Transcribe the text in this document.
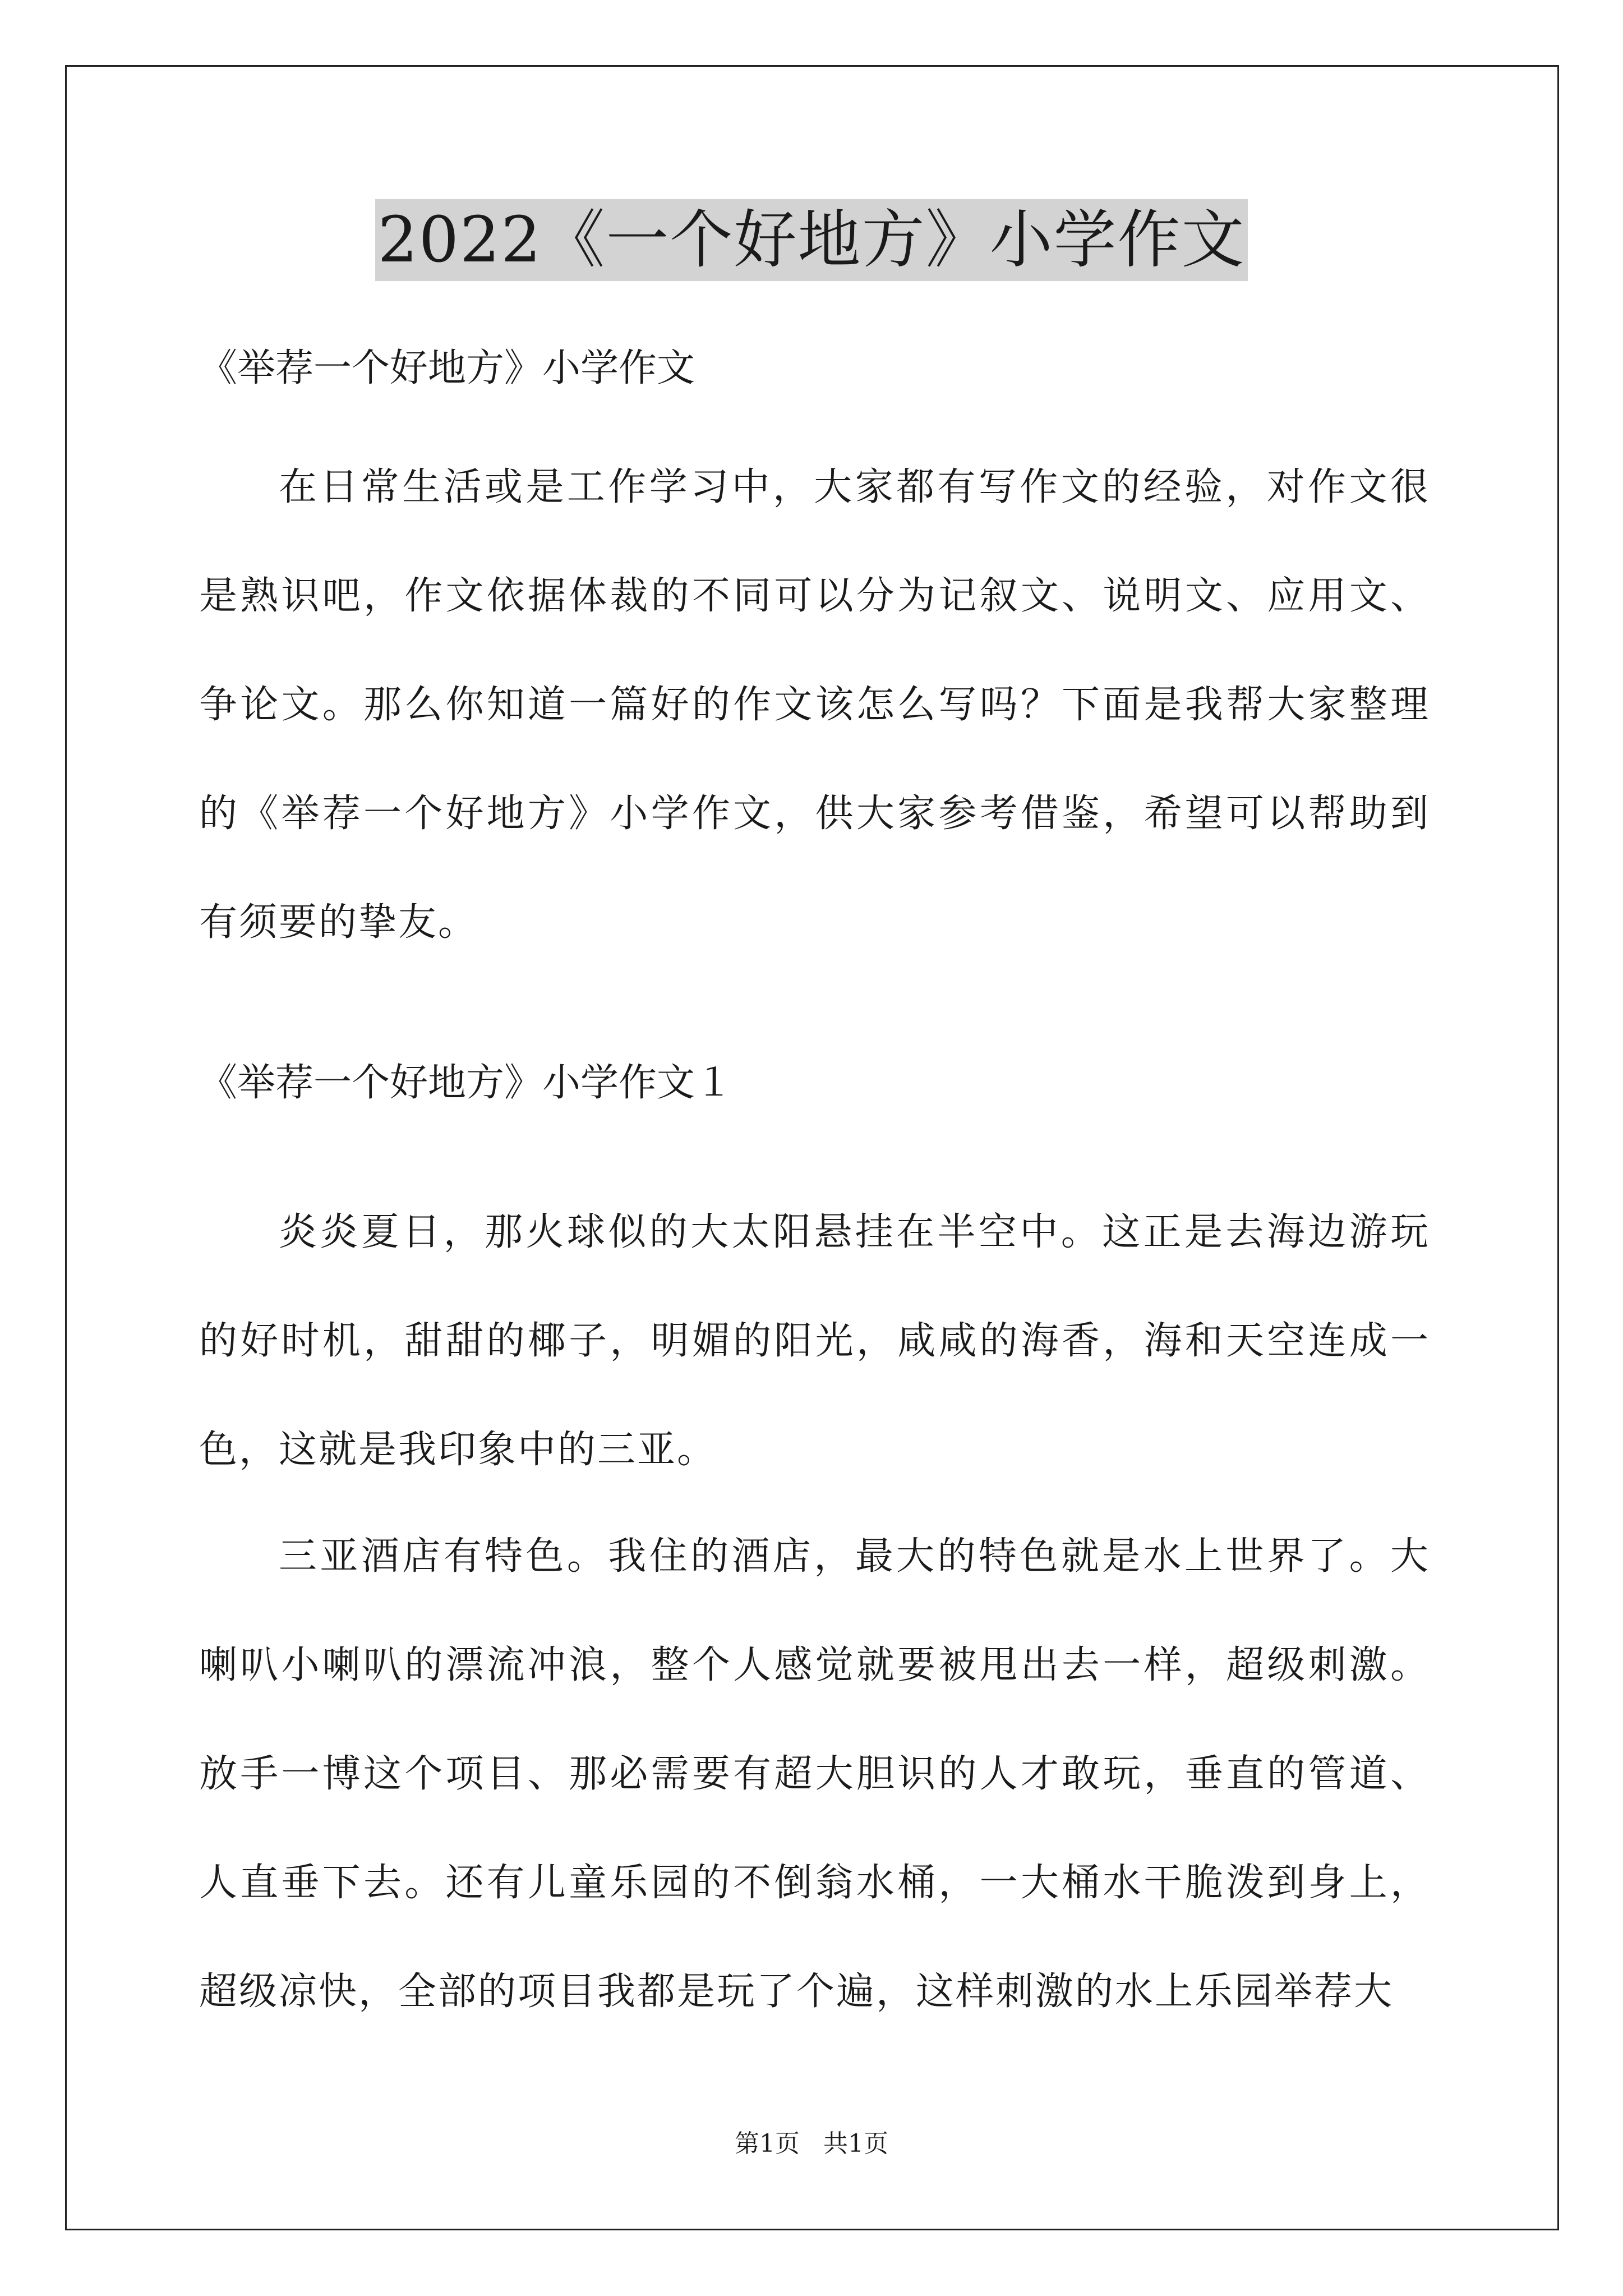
2022《一个好地方》小学作文
《举荐一个好地方》小学作文

在日常生活或是工作学习中，大家都有写作文的经验，对作文很是熟识吧，作文依据体裁的不同可以分为记叙文、说明文、应用文、争论文。那么你知道一篇好的作文该怎么写吗？下面是我帮大家整理的《举荐一个好地方》小学作文，供大家参考借鉴，希望可以帮助到有须要的挚友。

《举荐一个好地方》小学作文１

炎炎夏日，那火球似的大太阳悬挂在半空中。这正是去海边游玩的好时机，甜甜的椰子，明媚的阳光，咸咸的海香，海和天空连成一色，这就是我印象中的三亚。

三亚酒店有特色。我住的酒店，最大的特色就是水上世界了。大喇叭小喇叭的漂流冲浪，整个人感觉就要被甩出去一样，超级刺激。放手一博这个项目、那必需要有超大胆识的人才敢玩，垂直的管道、人直垂下去。还有儿童乐园的不倒翁水桶，一大桶水干脆泼到身上，超级凉快，全部的项目我都是玩了个遍，这样刺激的水上乐园举荐大

第1页   共1页
